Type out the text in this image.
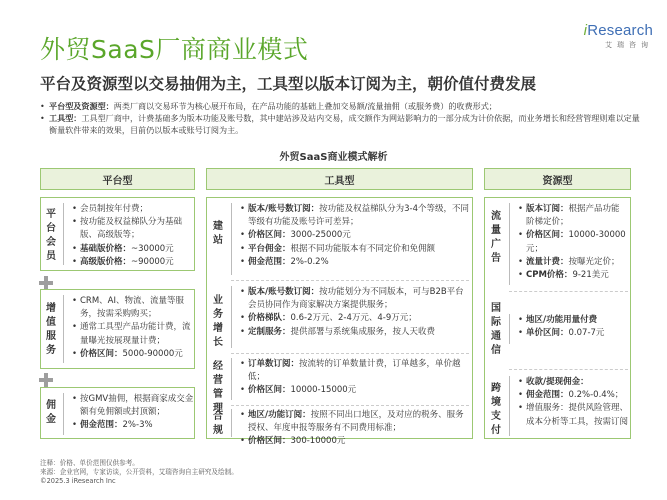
外贸SaaS厂商商业模式
iResearch
艾瑞咨询
平台及资源型以交易抽佣为主，工具型以版本订阅为主，朝价值付费发展
• 平台型及资源型：两类厂商以交易环节为核心展开布局，在产品功能的基础上叠加交易额/流量抽佣（或服务费）的收费形式；
• 工具型：工具型厂商中，计费基础多为版本功能及账号数，其中建站涉及站内交易，成交额作为网站影响力的一部分成为计价依据，而业务增长和经营管理则难以定量衡量软件带来的效果，目前仍以版本或账号订阅为主。
外贸SaaS商业模式解析
平台型	工具型	资源型
平台会员
• 会员制按年付费；
• 按功能及权益梯队分为基础版、高级版等；
• 基础版价格：~30000元
• 高级版价格：~90000元
增值服务
• CRM、AI、物流、流量等服务，按需采购购买；
• 通常工具型产品功能计费，流量曝光按展现量计费；
• 价格区间：5000-90000元
佣金
• 按GMV抽佣，根据商家成交金额有免佣额或封顶额；
• 佣金范围：2%-3%
建站
• 版本/账号数订阅：按功能及权益梯队分为3-4个等级，不同等级有功能及账号许可差异；
• 价格区间：3000-25000元
• 平台佣金：根据不同功能版本有不同定价和免佣额
• 佣金范围：2%-0.2%
业务增长
• 版本/账号数订阅：按功能划分为不同版本，可与B2B平台会员协同作为商家解决方案提供服务；
• 价格梯队：0.6-2万元、2-4万元、4-9万元；
• 定制服务：提供部署与系统集成服务，按人天收费
经营管理
• 订单数订阅：按流转的订单数量计费，订单越多，单价越低；
• 价格区间：10000-15000元
合规
• 地区/功能订阅：按照不同出口地区，及对应的税务、服务授权、年度申报等服务有不同费用标准；
• 价格区间：300-10000元
流量广告
• 版本订阅：根据产品功能阶梯定价；
• 价格区间：10000-30000元；
• 流量计费：按曝光定价；
• CPM价格：9-21美元
国际通信
• 地区/功能用量付费
• 单价区间：0.07-7元
跨境支付
• 收款/提现佣金：
• 佣金范围：0.2%-0.4%；
• 增值服务：提供风险管理、成本分析等工具，按需订阅
注释：价格、单价范围仅供参考。
来源：企业官网，专家访谈，公开资料，艾瑞咨询自主研究及绘制。
©2025.3 iResearch Inc
